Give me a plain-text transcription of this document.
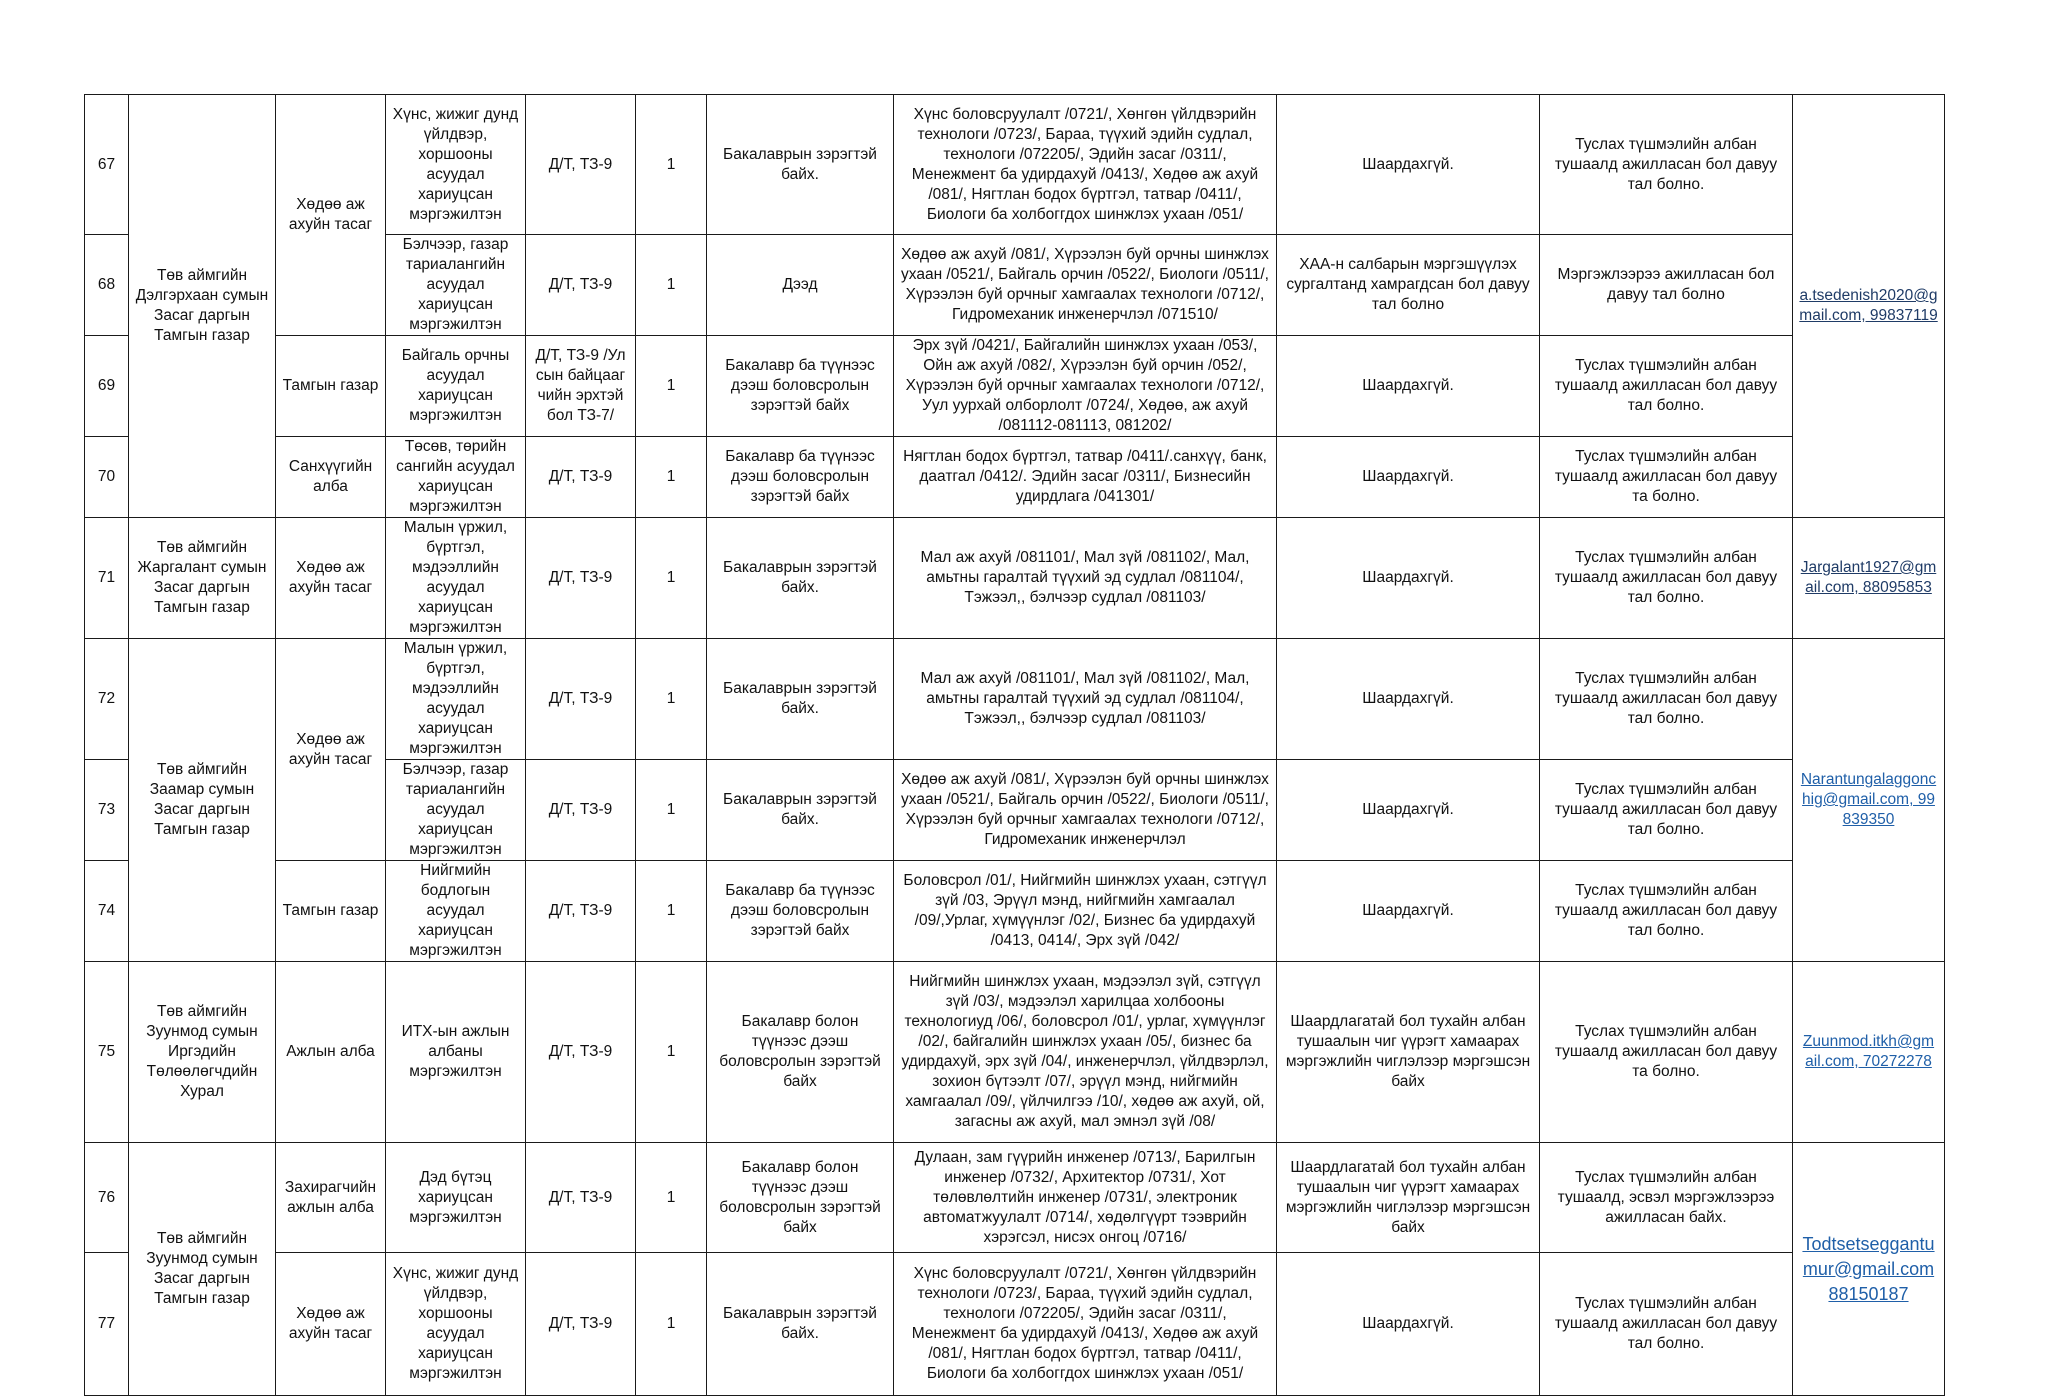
67	Төв аймгийн Дэлгэрхаан сумын Засаг даргын Тамгын газар	Хөдөө аж ахуйн тасаг	Хүнс, жижиг дунд үйлдвэр, хоршооны асуудал хариуцсан мэргэжилтэн	Д/Т, ТЗ-9	1	Бакалаврын зэрэгтэй байх.	Хүнс боловсруулалт /0721/, Хөнгөн үйлдвэрийн технологи /0723/, Бараа, түүхий эдийн судлал, технологи /072205/, Эдийн засаг /0311/, Менежмент ба удирдахуй /0413/, Хөдөө аж ахуй /081/, Нягтлан бодох бүртгэл, татвар /0411/, Биологи ба холбоггдох шинжлэх ухаан /051/	Шаардахгүй.	Туслах түшмэлийн албан тушаалд ажилласан бол давуу тал болно.	a.tsedenish2020@gmail.com, 99837119
68			Бэлчээр, газар тариалангийн асуудал хариуцсан мэргэжилтэн	Д/Т, ТЗ-9	1	Дээд	Хөдөө аж ахуй /081/, Хүрээлэн буй орчны шинжлэх ухаан /0521/, Байгаль орчин /0522/, Биологи /0511/, Хүрээлэн буй орчныг хамгаалах технологи /0712/, Гидромеханик инженерчлэл /071510/	ХАА-н салбарын мэргэшүүлэх сургалтанд хамрагдсан бол давуу тал болно	Мэргэжлээрээ ажилласан бол давуу тал болно	
69		Тамгын газар	Байгаль орчны асуудал хариуцсан мэргэжилтэн	Д/Т, ТЗ-9 /Улсын байцаагчийн эрхтэй бол ТЗ-7/	1	Бакалавр ба түүнээс дээш боловсролын зэрэгтэй байх	Эрх зүй /0421/, Байгалийн шинжлэх ухаан /053/, Ойн аж ахуй /082/, Хүрээлэн буй орчин /052/, Хүрээлэн буй орчныг хамгаалах технологи /0712/, Уул уурхай олборлолт /0724/, Хөдөө, аж ахуй /081112-081113, 081202/	Шаардахгүй.	Туслах түшмэлийн албан тушаалд ажилласан бол давуу тал болно.	
70		Санхүүгийн алба	Төсөв, төрийн сангийн асуудал хариуцсан мэргэжилтэн	Д/Т, ТЗ-9	1	Бакалавр ба түүнээс дээш боловсролын зэрэгтэй байх	Нягтлан бодох бүртгэл, татвар /0411/.санхүү, банк, даатгал /0412/. Эдийн засаг /0311/, Бизнесийн удирдлага /041301/	Шаардахгүй.	Туслах түшмэлийн албан тушаалд ажилласан бол давуу та болно.	
71	Төв аймгийн Жаргалант сумын Засаг даргын Тамгын газар	Хөдөө аж ахуйн тасаг	Малын үржил, бүртгэл, мэдээллийн асуудал хариуцсан мэргэжилтэн	Д/Т, ТЗ-9	1	Бакалаврын зэрэгтэй байх.	Мал аж ахуй /081101/, Мал зүй /081102/, Мал, амьтны гаралтай түүхий эд судлал /081104/, Тэжээл,, бэлчээр судлал /081103/	Шаардахгүй.	Туслах түшмэлийн албан тушаалд ажилласан бол давуу тал болно.	Jargalant1927@gmail.com, 88095853
72	Төв аймгийн Заамар сумын Засаг даргын Тамгын газар	Хөдөө аж ахуйн тасаг	Малын үржил, бүртгэл, мэдээллийн асуудал хариуцсан мэргэжилтэн	Д/Т, ТЗ-9	1	Бакалаврын зэрэгтэй байх.	Мал аж ахуй /081101/, Мал зүй /081102/, Мал, амьтны гаралтай түүхий эд судлал /081104/, Тэжээл,, бэлчээр судлал /081103/	Шаардахгүй.	Туслах түшмэлийн албан тушаалд ажилласан бол давуу тал болно.	Narantungalaggonchig@gmail.com, 99839350
73			Бэлчээр, газар тариалангийн асуудал хариуцсан мэргэжилтэн	Д/Т, ТЗ-9	1	Бакалаврын зэрэгтэй байх.	Хөдөө аж ахуй /081/, Хүрээлэн буй орчны шинжлэх ухаан /0521/, Байгаль орчин /0522/, Биологи /0511/, Хүрээлэн буй орчныг хамгаалах технологи /0712/, Гидромеханик инженерчлэл	Шаардахгүй.	Туслах түшмэлийн албан тушаалд ажилласан бол давуу тал болно.	
74		Тамгын газар	Нийгмийн бодлогын асуудал хариуцсан мэргэжилтэн	Д/Т, ТЗ-9	1	Бакалавр ба түүнээс дээш боловсролын зэрэгтэй байх	Боловсрол /01/, Нийгмийн шинжлэх ухаан, сэтгүүл зүй /03, Эрүүл мэнд, нийгмийн хамгаалал /09/,Урлаг, хүмүүнлэг /02/, Бизнес ба удирдахуй /0413, 0414/, Эрх зүй /042/	Шаардахгүй.	Туслах түшмэлийн албан тушаалд ажилласан бол давуу тал болно.	
75	Төв аймгийн Зуунмод сумын Иргэдийн Төлөөлөгчдийн Хурал	Ажлын алба	ИТХ-ын ажлын албаны мэргэжилтэн	Д/Т, ТЗ-9	1	Бакалавр болон түүнээс дээш боловсролын зэрэгтэй байх	Нийгмийн шинжлэх ухаан, мэдээлэл зүй, сэтгүүл зүй /03/, мэдээлэл харилцаа холбооны технологиуд /06/, боловсрол /01/, урлаг, хүмүүнлэг /02/, байгалийн шинжлэх ухаан /05/, бизнес ба удирдахуй, эрх зүй /04/, инженерчлэл, үйлдвэрлэл, зохион бүтээлт /07/, эрүүл мэнд, нийгмийн хамгаалал /09/, үйлчилгээ /10/, хөдөө аж ахуй, ой, загасны аж ахуй, мал эмнэл зүй /08/	Шаардлагатай бол тухайн албан тушаалын чиг үүрэгт хамаарах мэргэжлийн чиглэлээр мэргэшсэн байх	Туслах түшмэлийн албан тушаалд ажилласан бол давуу та болно.	Zuunmod.itkh@gmail.com, 70272278
76	Төв аймгийн Зуунмод сумын Засаг даргын Тамгын газар	Захирагчийн ажлын алба	Дэд бүтэц хариуцсан мэргэжилтэн	Д/Т, ТЗ-9	1	Бакалавр болон түүнээс дээш боловсролын зэрэгтэй байх	Дулаан, зам гүүрийн инженер /0713/, Барилгын инженер /0732/, Архитектор /0731/, Хот төлөвлөлтийн инженер /0731/, электроник автоматжуулалт /0714/, хөдөлгүүрт тээврийн хэрэгсэл, нисэх онгоц /0716/	Шаардлагатай бол тухайн албан тушаалын чиг үүрэгт хамаарах мэргэжлийн чиглэлээр мэргэшсэн байх	Туслах түшмэлийн албан тушаалд, эсвэл мэргэжлээрээ ажилласан байх.	Todtsetseggantumur@gmail.com 88150187
77		Хөдөө аж ахуйн тасаг	Хүнс, жижиг дунд үйлдвэр, хоршооны асуудал хариуцсан мэргэжилтэн	Д/Т, ТЗ-9	1	Бакалаврын зэрэгтэй байх.	Хүнс боловсруулалт /0721/, Хөнгөн үйлдвэрийн технологи /0723/, Бараа, түүхий эдийн судлал, технологи /072205/, Эдийн засаг /0311/, Менежмент ба удирдахуй /0413/, Хөдөө аж ахуй /081/, Нягтлан бодох бүртгэл, татвар /0411/, Биологи ба холбоггдох шинжлэх ухаан /051/	Шаардахгүй.	Туслах түшмэлийн албан тушаалд ажилласан бол давуу тал болно.	
